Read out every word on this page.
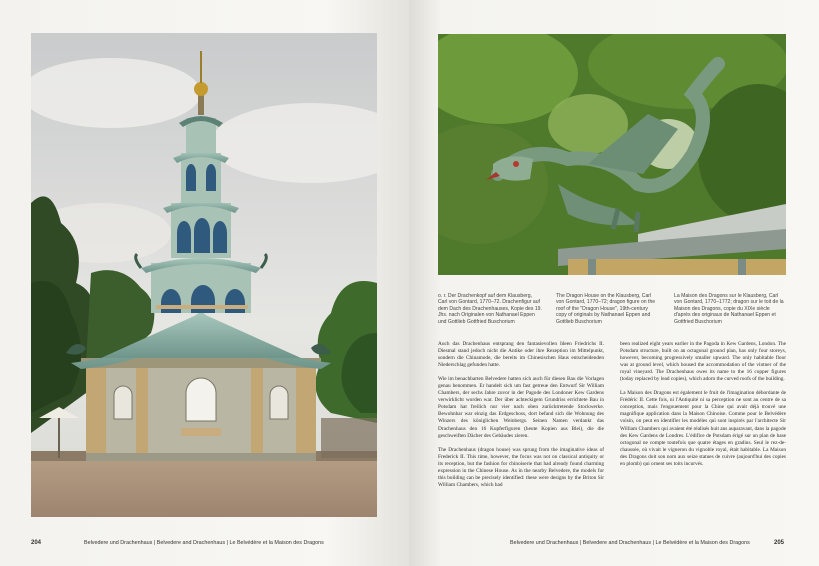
204	Belvedere und Drachenhaus | Belvedere and Drachenhaus | Le Belvédère et la Maison des Dragons
o. r. Der Drachenkopf auf dem Klausberg, Carl von Gontard, 1770–72. Drachenfigur auf dem Dach des Drachenhauses, Kopie des 19. Jhs. nach Originalen von Nathanael Eppen und Gottlieb Gottfried Buschorium
The Dragon House on the Klausberg, Carl von Gontard, 1770–72; dragon figure on the roof of the "Dragon House", 19th-century copy of originals by Nathanael Eppen and Gottlieb Buschorium
La Maison des Dragons sur le Klausberg, Carl von Gontard, 1770–1772; dragon sur le toit de la Maison des Dragons, copie du XIXe siècle d'après des originaux de Nathanael Eppen et Gottfried Buschorium

Auch das Drachenhaus entsprang den fantasievollen Ideen Friedrichs II. Diesmal stand jedoch nicht die Antike oder ihre Rezeption im Mittelpunkt, sondern die Chinamode, die bereits im Chinesischen Haus entscheidenden Niederschlag gefunden hatte.

Wie im benachbarten Belvedere hatten sich auch für diesen Bau die Vorlagen genau benommen. Er handelt sich um fast getreue den Entwurf Sir William Chambers, der sechs Jahre zuvor in der Pagode des Londoner Kew Gardens verwirklicht worden war. Der über achteckigem Grundriss errichtete Bau in Potsdam hat freilich nur vier nach oben zurücktretende Stockwerke. Bewohnbar war einzig das Erdgeschoss, dort befand sich die Wohnung des Winzers des königlichen Weinbergs. Seinen Namen verdankt das Drachenhaus den 16 Kupferfiguren (heute Kopien aus Blei), die die geschweiften Dächer des Gebäudes zieren.

The Drachenhaus (dragon house) was sprung from the imaginative ideas of Frederick II. This time, however, the focus was not on classical antiquity or its reception, but the fashion for chinoiserie that had already found charming expression in the Chinese House. As in the nearby Belvedere, the models for this building can be precisely identified: these were designs by the Briton Sir William Chambers, which had

been realized eight years earlier in the Pagoda in Kew Gardens, London. The Potsdam structure, built on an octagonal ground plan, has only four storeys, however, becoming progressively smaller upward. The only habitable floor was at ground level, which housed the accommodation of the vintner of the royal vineyard. The Drachenhaus owes its name to the 16 copper figures (today replaced by lead copies), which adorn the curved roofs of the building.

La Maison des Dragons est également le fruit de l'imagination débordante de Frédéric II. Cette fois, ni l'Antiquité ni sa perception ne sont au centre de sa conception, mais l'engouement pour la Chine qui avait déjà trouvé une magnifique application dans la Maison Chinoise. Comme pour le Belvédère voisin, on peut en identifier les modèles qui sont inspirés par l'architecte Sir William Chambers qui avaient été réalisés huit ans auparavant, dans la pagode des Kew Gardens de Londres. L'édifice de Potsdam érigé sur un plan de base octogonal ne compte toutefois que quatre étages en gradins. Seul le rez-de-chaussée, où vivait le vigneron du vignoble royal, était habitable. La Maison des Dragons doit son nom aux seize statues de cuivre (aujourd'hui des copies en plomb) qui ornent ses toits incurvés.

Belvedere und Drachenhaus | Belvedere and Drachenhaus | Le Belvédère et la Maison des Dragons	205
